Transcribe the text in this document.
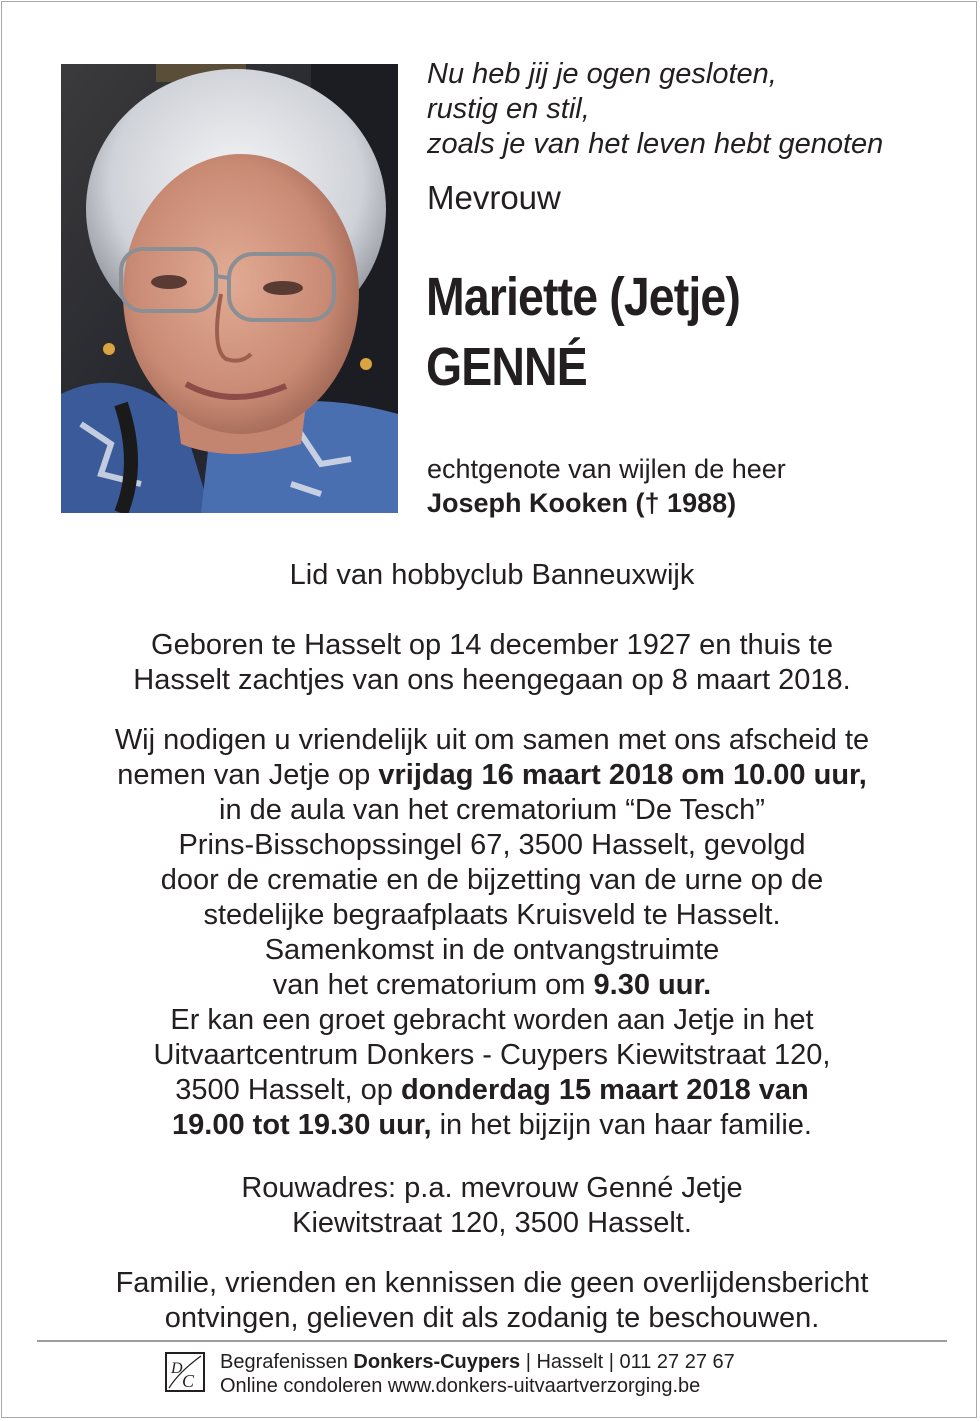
Nu heb jij je ogen gesloten,
rustig en stil,
zoals je van het leven hebt genoten
Mevrouw
Mariette (Jetje)
GENNÉ
echtgenote van wijlen de heer
Joseph Kooken († 1988)
Lid van hobbyclub Banneuxwijk
Geboren te Hasselt op 14 december 1927 en thuis te
Hasselt zachtjes van ons heengegaan op 8 maart 2018.
Wij nodigen u vriendelijk uit om samen met ons afscheid te
nemen van Jetje op vrijdag 16 maart 2018 om 10.00 uur,
in de aula van het crematorium “De Tesch”
Prins-Bisschopssingel 67, 3500 Hasselt, gevolgd
door de crematie en de bijzetting van de urne op de
stedelijke begraafplaats Kruisveld te Hasselt.
Samenkomst in de ontvangstruimte
van het crematorium om 9.30 uur.
Er kan een groet gebracht worden aan Jetje in het
Uitvaartcentrum Donkers - Cuypers Kiewitstraat 120,
3500 Hasselt, op donderdag 15 maart 2018 van
19.00 tot 19.30 uur, in het bijzijn van haar familie.
Rouwadres: p.a. mevrouw Genné Jetje
Kiewitstraat 120, 3500 Hasselt.
Familie, vrienden en kennissen die geen overlijdensbericht
ontvingen, gelieven dit als zodanig te beschouwen.
D
C
Begrafenissen Donkers-Cuypers | Hasselt | 011 27 27 67
Online condoleren www.donkers-uitvaartverzorging.be
